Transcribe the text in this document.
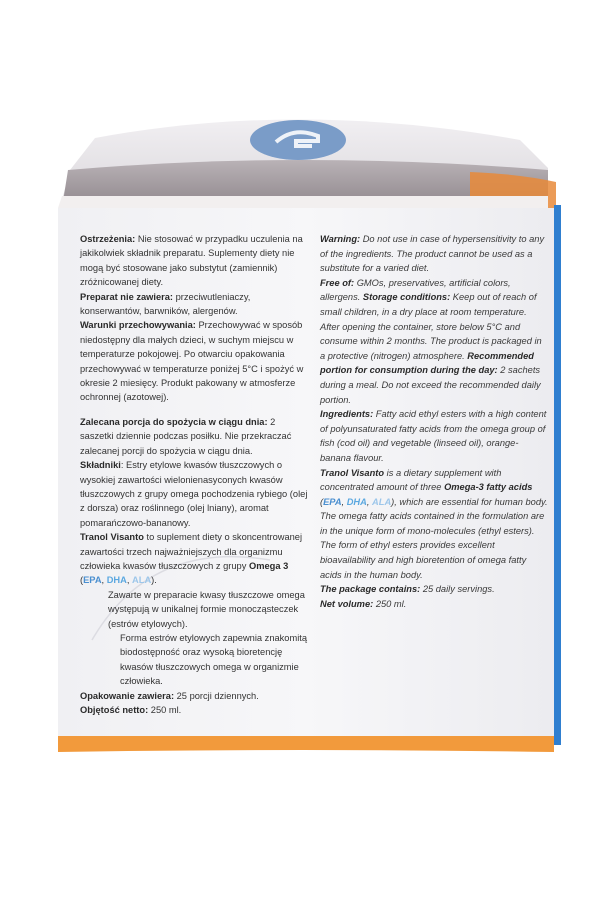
Ostrzeżenia: Nie stosować w przypadku uczulenia na jakikolwiek składnik preparatu. Suplementy diety nie mogą być stosowane jako substytut (zamiennik) zróżnicowanej diety.

Preparat nie zawiera: przeciwutleniaczy, konserwantów, barwników, alergenów.

Warunki przechowywania: Przechowywać w sposób niedostępny dla małych dzieci, w suchym miejscu w temperaturze pokojowej. Po otwarciu opakowania przechowywać w temperaturze poniżej 5°C i spożyć w okresie 2 miesięcy. Produkt pakowany w atmosferze ochronnej (azotowej).

Zalecana porcja do spożycia w ciągu dnia: 2 saszetki dziennie podczas posiłku. Nie przekraczać zalecanej porcji do spożycia w ciągu dnia.

Składniki: Estry etylowe kwasów tłuszczowych o wysokiej zawartości wielonienasyconych kwasów tłuszczowych z grupy omega pochodzenia rybiego (olej z dorsza) oraz roślinnego (olej lniany), aromat pomarańczowo-bananowy.

Tranol Visanto to suplement diety o skoncentrowanej zawartości trzech najważniejszych dla organizmu człowieka kwasów tłuszczowych z grupy Omega 3 (EPA, DHA, ALA).

Zawarte w preparacie kwasy tłuszczowe omega występują w unikalnej formie monocząsteczek (estrów etylowych).

Forma estrów etylowych zapewnia znakomitą biodostępność oraz wysoką bioretencję kwasów tłuszczowych omega w organizmie człowieka.

Opakowanie zawiera: 25 porcji dziennych.

Objętość netto: 250 ml.

Warning: Do not use in case of hypersensitivity to any of the ingredients. The product cannot be used as a substitute for a varied diet.

Free of: GMOs, preservatives, artificial colors, allergens. Storage conditions: Keep out of reach of small children, in a dry place at room temperature. After opening the container, store below 5°C and consume within 2 months. The product is packaged in a protective (nitrogen) atmosphere. Recommended portion for consumption during the day: 2 sachets during a meal. Do not exceed the recommended daily portion.

Ingredients: Fatty acid ethyl esters with a high content of polyunsaturated fatty acids from the omega group of fish (cod oil) and vegetable (linseed oil), orange-banana flavour.

Tranol Visanto is a dietary supplement with concentrated amount of three Omega-3 fatty acids (EPA, DHA, ALA), which are essential for human body. The omega fatty acids contained in the formulation are in the unique form of mono-molecules (ethyl esters). The form of ethyl esters provides excellent bioavailability and high bioretention of omega fatty acids in the human body.

The package contains: 25 daily servings.

Net volume: 250 ml.
